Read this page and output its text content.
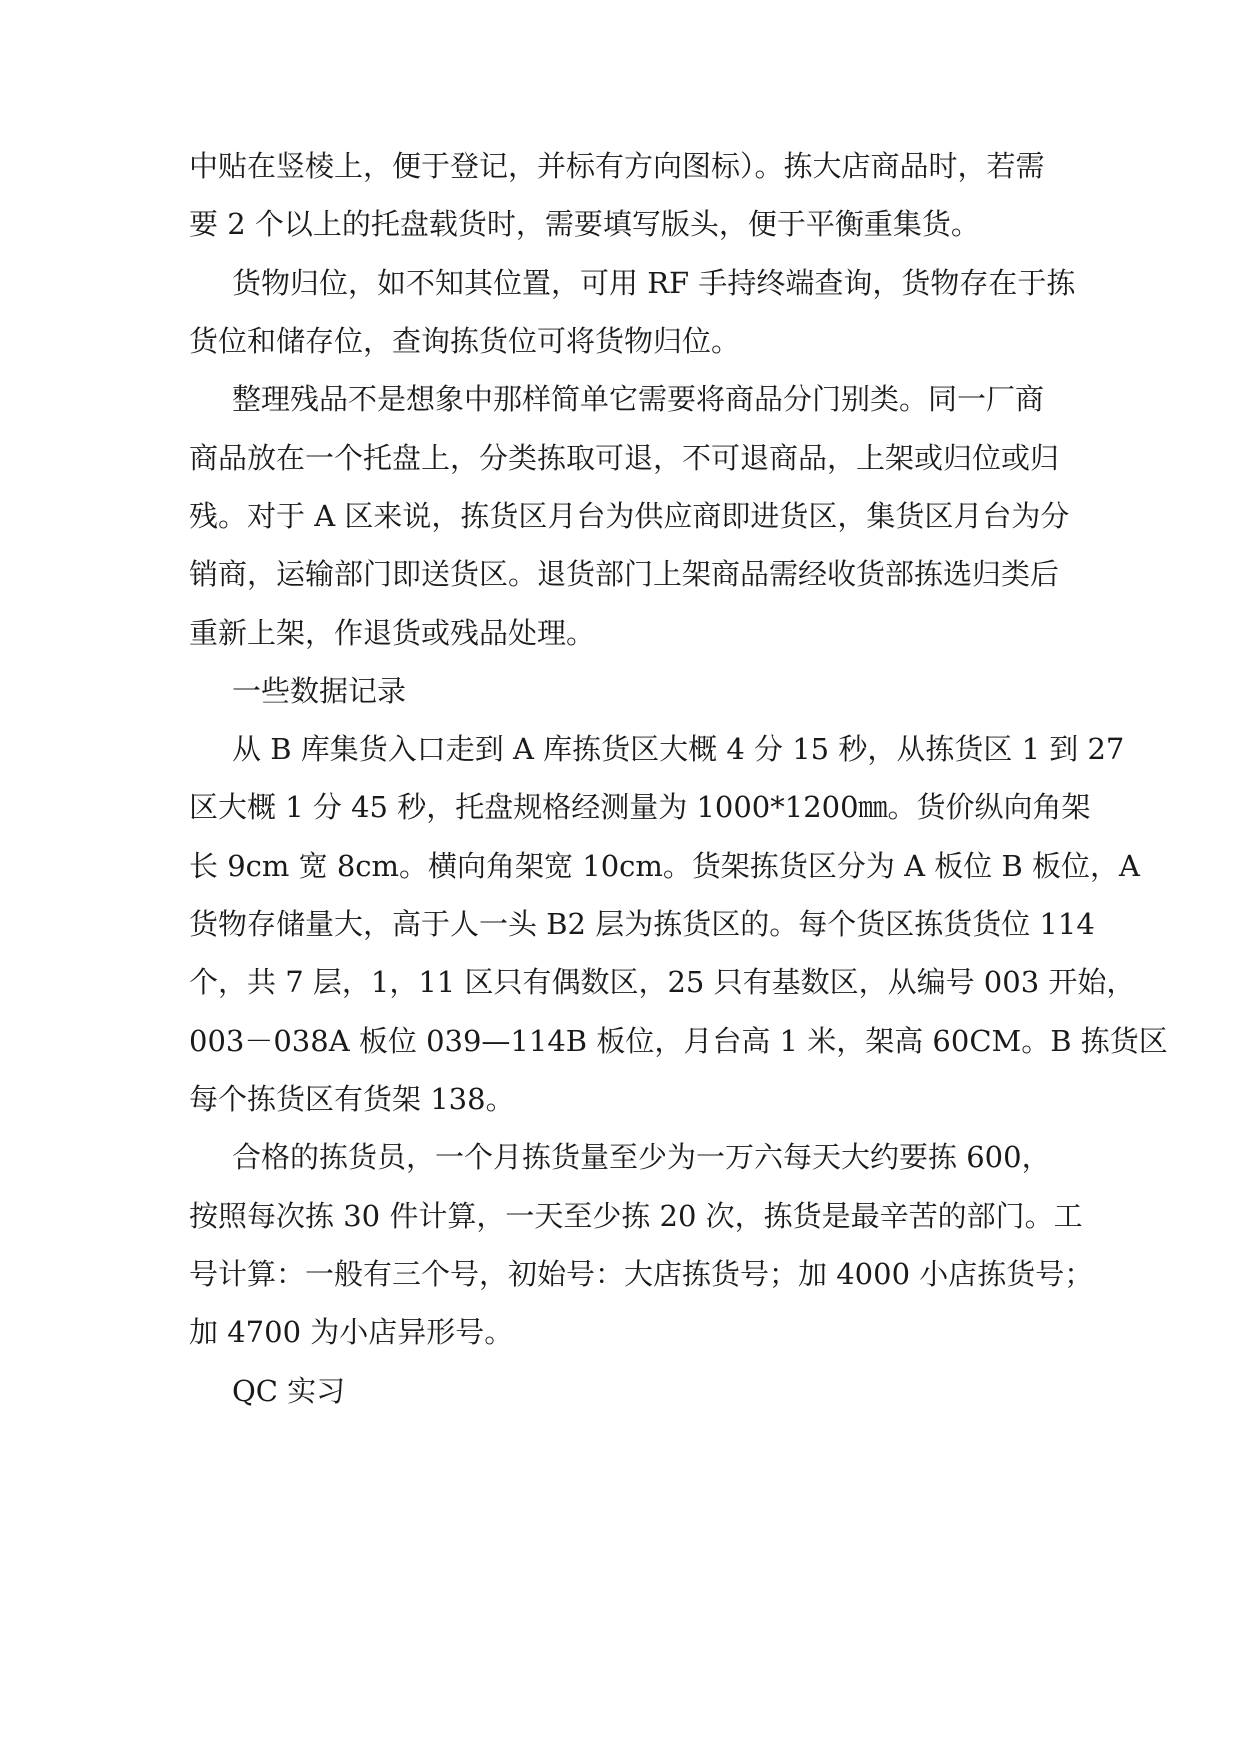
中贴在竖棱上，便于登记，并标有方向图标）。拣大店商品时，若需
要 2 个以上的托盘载货时，需要填写版头，便于平衡重集货。
货物归位，如不知其位置，可用 RF 手持终端查询，货物存在于拣
货位和储存位，查询拣货位可将货物归位。
整理残品不是想象中那样简单它需要将商品分门别类。同一厂商
商品放在一个托盘上，分类拣取可退，不可退商品，上架或归位或归
残。对于 A 区来说，拣货区月台为供应商即进货区，集货区月台为分
销商，运输部门即送货区。退货部门上架商品需经收货部拣选归类后
重新上架，作退货或残品处理。
一些数据记录
从 B 库集货入口走到 A 库拣货区大概 4 分 15 秒，从拣货区 1 到 27
区大概 1 分 45 秒，托盘规格经测量为 1000*1200㎜。货价纵向角架
长 9cm 宽 8cm。横向角架宽 10cm。货架拣货区分为 A 板位 B 板位，A
货物存储量大，高于人一头 B2 层为拣货区的。每个货区拣货货位 114
个，共 7 层，1，11 区只有偶数区，25 只有基数区，从编号 003 开始，
003－038A 板位 039—114B 板位，月台高 1 米，架高 60CM。B 拣货区
每个拣货区有货架 138。
合格的拣货员，一个月拣货量至少为一万六每天大约要拣 600，
按照每次拣 30 件计算，一天至少拣 20 次，拣货是最辛苦的部门。工
号计算：一般有三个号，初始号：大店拣货号；加 4000 小店拣货号；
加 4700 为小店异形号。
QC 实习
